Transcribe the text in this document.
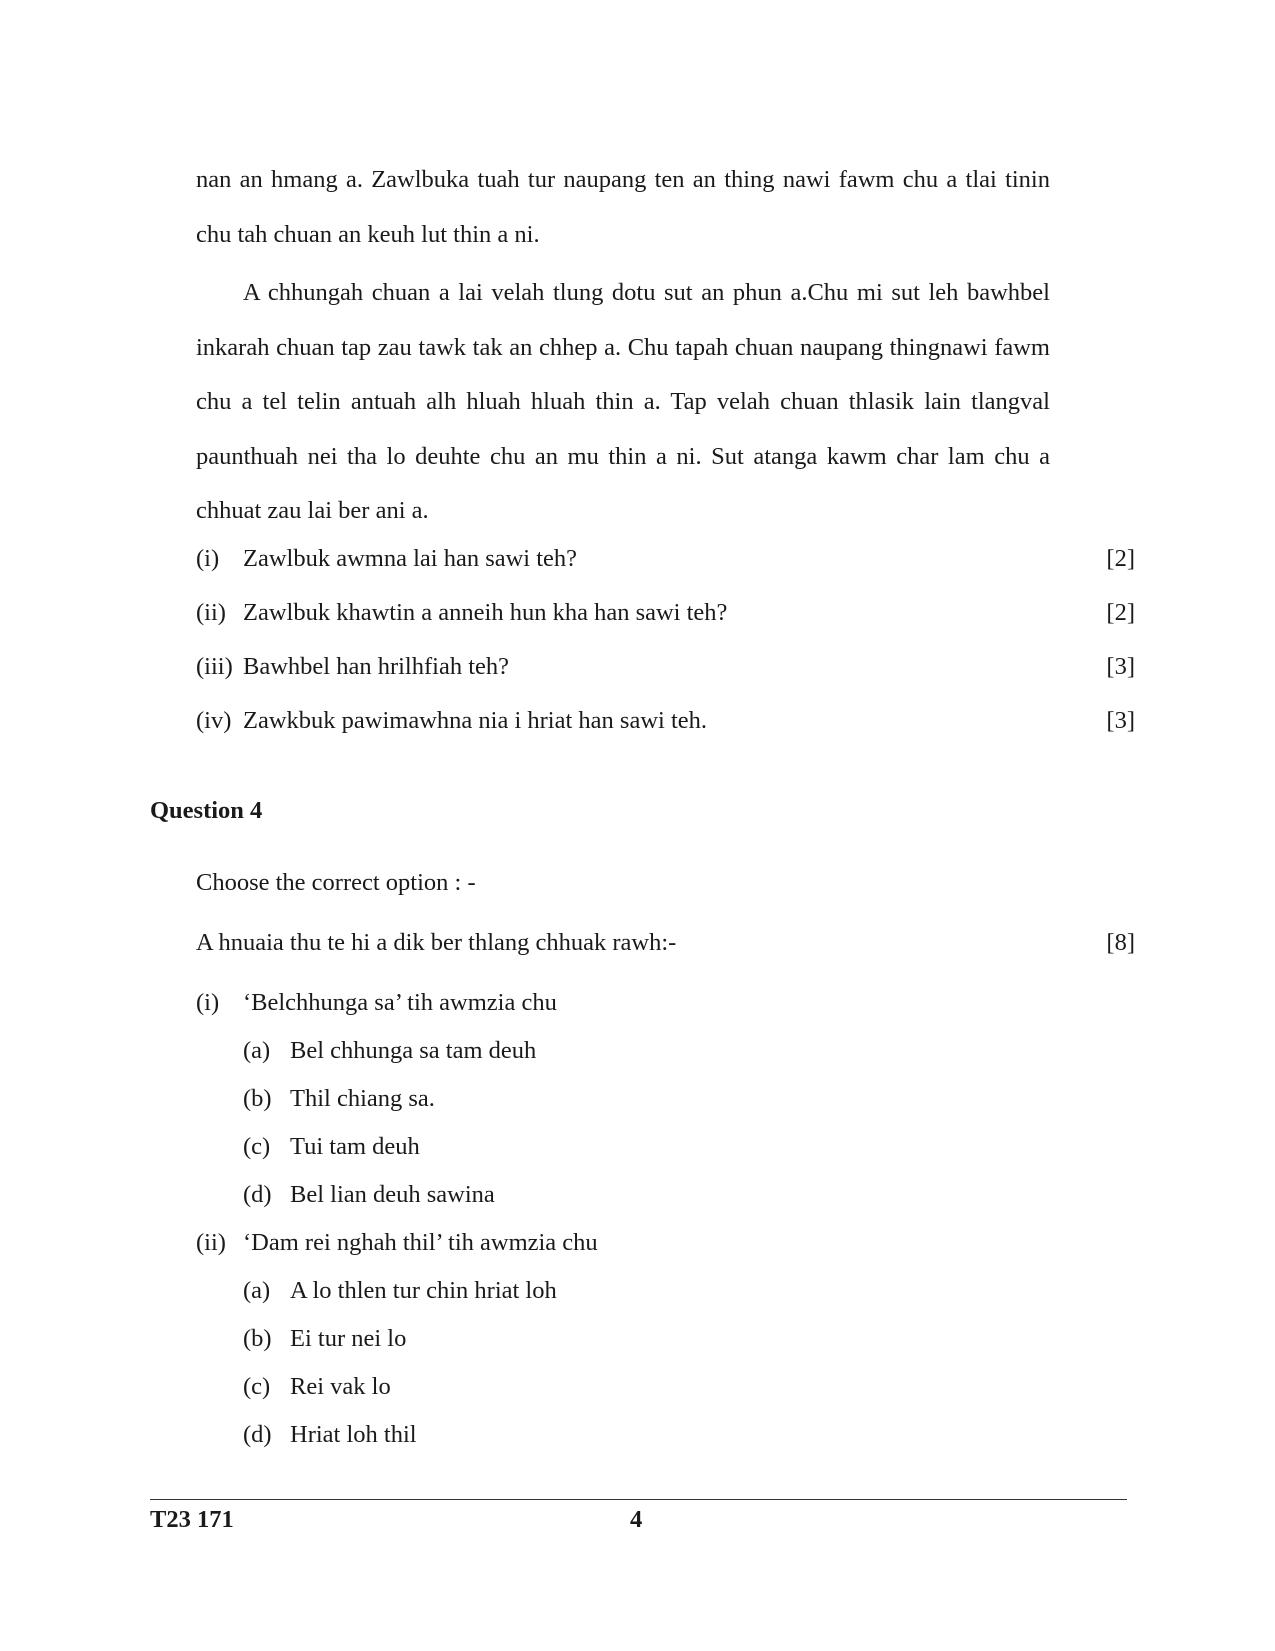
nan an hmang a. Zawlbuka tuah tur naupang ten an thing nawi fawm chu a tlai tinin chu tah chuan an keuh lut thin a ni.

A chhungah chuan a lai velah tlung dotu sut an phun a.Chu mi sut leh bawhbel inkarah chuan tap zau tawk tak an chhep a. Chu tapah chuan naupang thingnawi fawm chu a tel telin antuah alh hluah hluah thin a. Tap velah chuan thlasik lain tlangval paunthuah nei tha lo deuhte chu an mu thin a ni. Sut atanga kawm char lam chu a chhuat zau lai ber ani a.

(i) Zawlbuk awmna lai han sawi teh?	[2]
(ii) Zawlbuk khawtin a anneih hun kha han sawi teh?	[2]
(iii) Bawhbel han hrilhfiah teh?	[3]
(iv) Zawkbuk pawimawhna nia i hriat han sawi teh.	[3]
Question 4
Choose the correct option : -
A hnuaia thu te hi a dik ber thlang chhuak rawh:-	[8]
(i) ‘Belchhunga sa’ tih awmzia chu
(a) Bel chhunga sa tam deuh
(b) Thil chiang sa.
(c) Tui tam deuh
(d) Bel lian deuh sawina
(ii) ‘Dam rei nghah thil’ tih awmzia chu
(a) A lo thlen tur chin hriat loh
(b) Ei tur nei lo
(c) Rei vak lo
(d) Hriat loh thil
T23 171	4
